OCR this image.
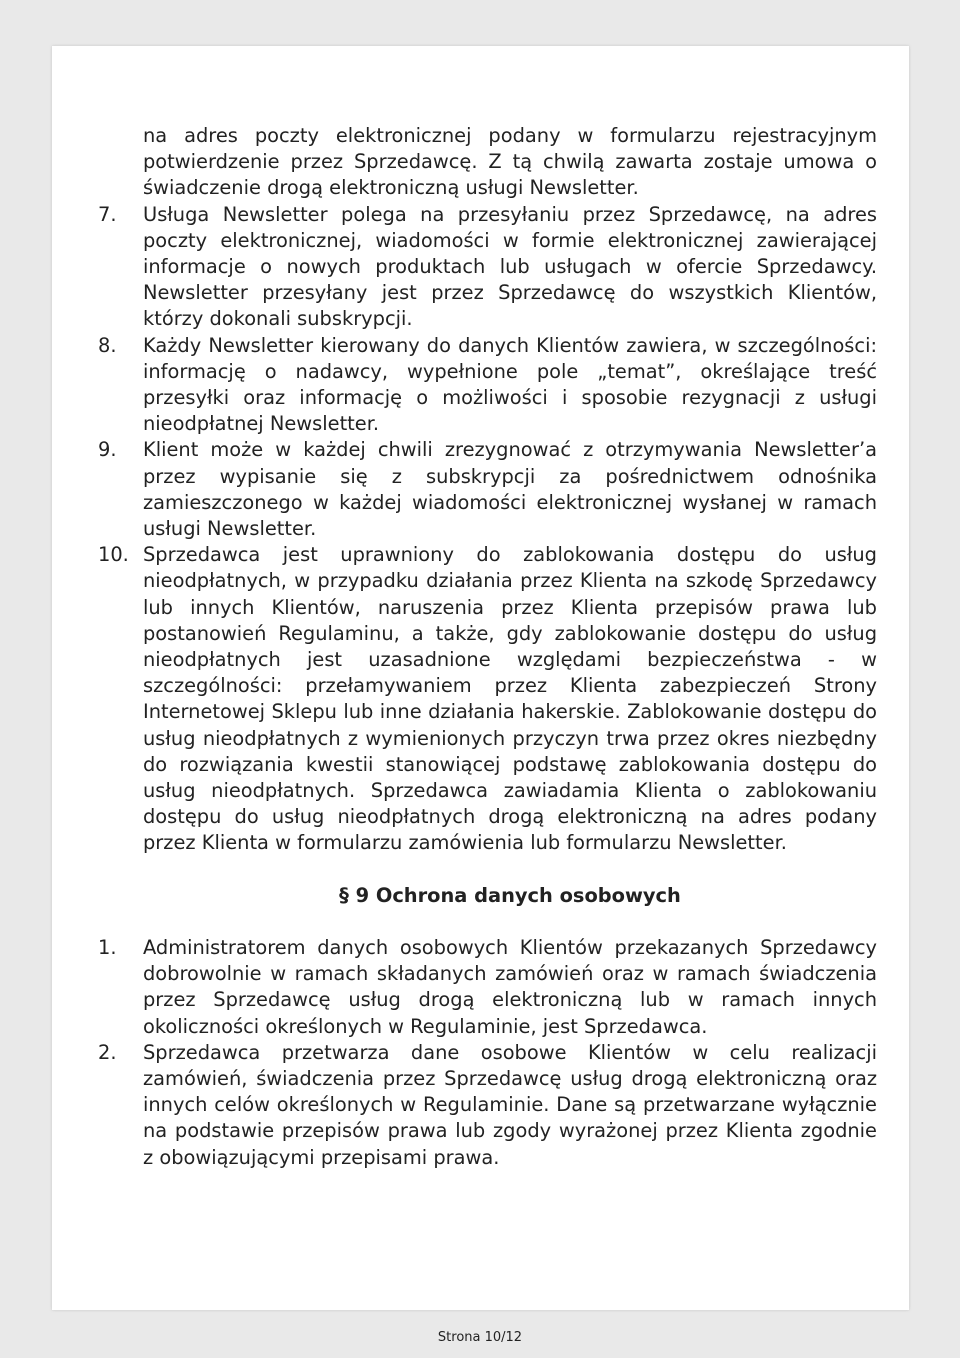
na adres poczty elektronicznej podany w formularzu rejestracyjnym potwierdzenie przez Sprzedawcę. Z tą chwilą zawarta zostaje umowa o świadczenie drogą elektroniczną usługi Newsletter.

7.	Usługa Newsletter polega na przesyłaniu przez Sprzedawcę, na adres poczty elektronicznej, wiadomości w formie elektronicznej zawierającej informacje o nowych produktach lub usługach w ofercie Sprzedawcy. Newsletter przesyłany jest przez Sprzedawcę do wszystkich Klientów, którzy dokonali subskrypcji.

8.	Każdy Newsletter kierowany do danych Klientów zawiera, w szczególności: informację o nadawcy, wypełnione pole „temat”, określające treść przesyłki oraz informację o możliwości i sposobie rezygnacji z usługi nieodpłatnej Newsletter.

9.	Klient może w każdej chwili zrezygnować z otrzymywania Newsletter’a przez wypisanie się z subskrypcji za pośrednictwem odnośnika zamieszczonego w każdej wiadomości elektronicznej wysłanej w ramach usługi Newsletter.

10. Sprzedawca jest uprawniony do zablokowania dostępu do usług nieodpłatnych, w przypadku działania przez Klienta na szkodę Sprzedawcy lub innych Klientów, naruszenia przez Klienta przepisów prawa lub postanowień Regulaminu, a także, gdy zablokowanie dostępu do usług nieodpłatnych jest uzasadnione względami bezpieczeństwa - w szczególności: przełamywaniem przez Klienta zabezpieczeń Strony Internetowej Sklepu lub inne działania hakerskie. Zablokowanie dostępu do usług nieodpłatnych z wymienionych przyczyn trwa przez okres niezbędny do rozwiązania kwestii stanowiącej podstawę zablokowania dostępu do usług nieodpłatnych. Sprzedawca zawiadamia Klienta o zablokowaniu dostępu do usług nieodpłatnych drogą elektroniczną na adres podany przez Klienta w formularzu zamówienia lub formularzu Newsletter.

§ 9 Ochrona danych osobowych

1.	Administratorem danych osobowych Klientów przekazanych Sprzedawcy dobrowolnie w ramach składanych zamówień oraz w ramach świadczenia przez Sprzedawcę usług drogą elektroniczną lub w ramach innych okoliczności określonych w Regulaminie, jest Sprzedawca.

2.	Sprzedawca przetwarza dane osobowe Klientów w celu realizacji zamówień, świadczenia przez Sprzedawcę usług drogą elektroniczną oraz innych celów określonych w Regulaminie. Dane są przetwarzane wyłącznie na podstawie przepisów prawa lub zgody wyrażonej przez Klienta zgodnie z obowiązującymi przepisami prawa.

Strona 10/12
